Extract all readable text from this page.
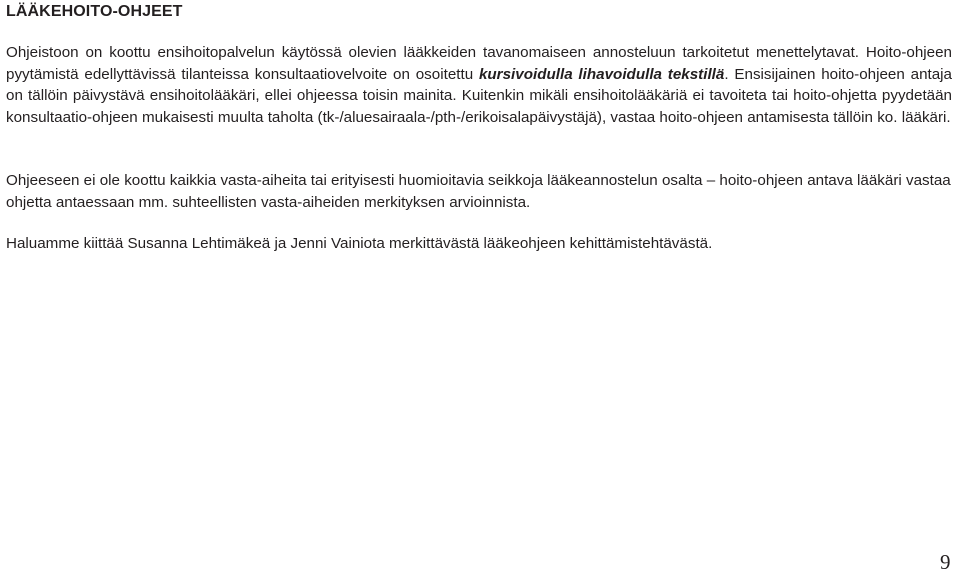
LÄÄKEHOITO-OHJEET

Ohjeistoon on koottu ensihoitopalvelun käytössä olevien lääkkeiden tavanomaiseen annosteluun tarkoitetut menettelytavat. Hoito-ohjeen pyytämistä edellyttävissä tilanteissa konsultaatiovelvoite on osoitettu kursivoidulla lihavoidulla tekstillä. Ensisijainen hoito-ohjeen antaja on tällöin päivystävä ensihoitolääkäri, ellei ohjeessa toisin mainita. Kuitenkin mikäli ensihoitolääkäriä ei tavoiteta tai hoito-ohjetta pyydetään konsultaatio-ohjeen mukaisesti muulta taholta (tk-/aluesairaala-/pth-/erikoisalapäivystäjä), vastaa hoito-ohjeen antamisesta tällöin ko. lääkäri.

Ohjeeseen ei ole koottu kaikkia vasta-aiheita tai erityisesti huomioitavia seikkoja lääkeannostelun osalta – hoito-ohjeen antava lääkäri vastaa ohjetta antaessaan mm. suhteellisten vasta-aiheiden merkityksen arvioinnista.

Haluamme kiittää Susanna Lehtimäkeä ja Jenni Vainiota merkittävästä lääkeohjeen kehittämistehtävästä.

9
